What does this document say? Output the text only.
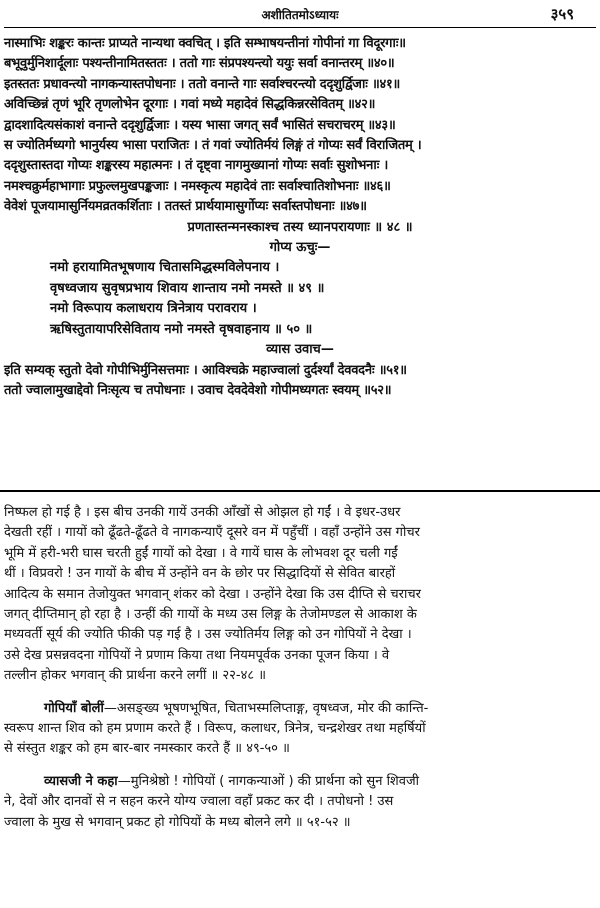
अशीतितमोऽध्यायः	३५९
नास्माभिः शङ्करः कान्तः प्राप्यते नान्यथा क्वचित् । इति सम्भाषयन्तीनां गोपीनां गा विदूरगाः॥
बभूवुर्मुनिशार्दूलाः पश्यन्तीनामितस्ततः । ततो गाः संप्रपश्यन्त्यो ययुः सर्वा वनान्तरम् ॥४०॥
इतस्ततः प्रधावन्त्यो नागकन्यास्तपोधनाः । ततो वनान्ते गाः सर्वाश्चरन्त्यो ददृशुर्द्विजाः ॥४१॥
अविच्छिन्नं तृणं भूरि तृणलोभेन दूरगाः । गवां मध्ये महादेवं सिद्धकिन्नरसेवितम् ॥४२॥
द्वादशादित्यसंकाशं वनान्ते ददृशुर्द्विजाः । यस्य भासा जगत् सर्वं भासितं सचराचरम् ॥४३॥
स ज्योतिर्मध्यगो भानुर्यस्य भासा पराजितः । तं गवां ज्योतिर्मयं लिङ्गं तं गोप्यः सर्वं विराजितम् ।
ददृशुस्तास्तदा गोप्यः शङ्करस्य महात्मनः । तं दृष्ट्वा नागमुख्यानां गोप्यः सर्वाः सुशोभनाः ।
नमश्चक्रुर्महाभागाः प्रफुल्लमुखपङ्कजाः । नमस्कृत्य महादेवं ताः सर्वाश्चातिशोभनाः ॥४६॥
वेवेशं पूजयामासुर्नियमव्रतकर्शिताः । ततस्तं प्रार्थयामासुर्गोप्यः सर्वास्तपोधनाः ॥४७॥
प्रणतास्तन्मनस्काश्च तस्य ध्यानपरायणाः ॥ ४८ ॥
गोप्य ऊचुः—
नमो हरायामितभूषणाय चितासमिद्धस्मविलेपनाय ।
वृषध्वजाय सुवृषप्रभाय शिवाय शान्ताय नमो नमस्ते ॥ ४९ ॥
नमो विरूपाय कलाधराय त्रिनेत्राय परावराय ।
ऋषिस्तुतायापरिसेविताय नमो नमस्ते वृषवाहनाय ॥ ५० ॥
व्यास उवाच—
इति सम्यक् स्तुतो देवो गोपीभिर्मुनिसत्तमाः । आविश्चक्रे महाज्वालां दुर्दर्श्यां देववदनैः ॥५१॥
ततो ज्वालामुखाद्देवो निःसृत्य च तपोधनाः । उवाच देवदेवेशो गोपीमध्यगतः स्वयम् ॥५२॥

निष्फल हो गई है । इस बीच उनकी गायें उनकी आँखों से ओझल हो गईं । वे इधर-उधर
देखती रहीं । गायों को ढूँढते-ढूँढते वे नागकन्याएँ दूसरे वन में पहुँचीं । वहाँ उन्होंने उस गोचर
भूमि में हरी-भरी घास चरती हुईं गायों को देखा । वे गायें घास के लोभवश दूर चली गईं
थीं । विप्रवरो ! उन गायों के बीच में उन्होंने वन के छोर पर सिद्धादियों से सेवित बारहों
आदित्य के समान तेजोयुक्त भगवान् शंकर को देखा । उन्होंने देखा कि उस दीप्ति से चराचर
जगत् दीप्तिमान् हो रहा है । उन्हीं की गायों के मध्य उस लिङ्ग के तेजोमण्डल से आकाश के
मध्यवर्ती सूर्य की ज्योति फीकी पड़ गई है । उस ज्योतिर्मय लिङ्ग को उन गोपियों ने देखा ।
उसे देख प्रसन्नवदना गोपियों ने प्रणाम किया तथा नियमपूर्वक उनका पूजन किया । वे
तल्लीन होकर भगवान् की प्रार्थना करने लगीं ॥ २२-४८ ॥

गोपियाँ बोलीं—असङ्ख्य भूषणभूषित, चिताभस्मलिप्ताङ्ग, वृषध्वज, मोर की कान्ति-
स्वरूप शान्त शिव को हम प्रणाम करते हैं । विरूप, कलाधर, त्रिनेत्र, चन्द्रशेखर तथा महर्षियों
से संस्तुत शङ्कर को हम बार-बार नमस्कार करते हैं ॥ ४९-५० ॥

व्यासजी ने कहा—मुनिश्रेष्ठो ! गोपियों ( नागकन्याओं ) की प्रार्थना को सुन शिवजी
ने, देवों और दानवों से न सहन करने योग्य ज्वाला वहाँ प्रकट कर दी । तपोधनो ! उस
ज्वाला के मुख से भगवान् प्रकट हो गोपियों के मध्य बोलने लगे ॥ ५१-५२ ॥
